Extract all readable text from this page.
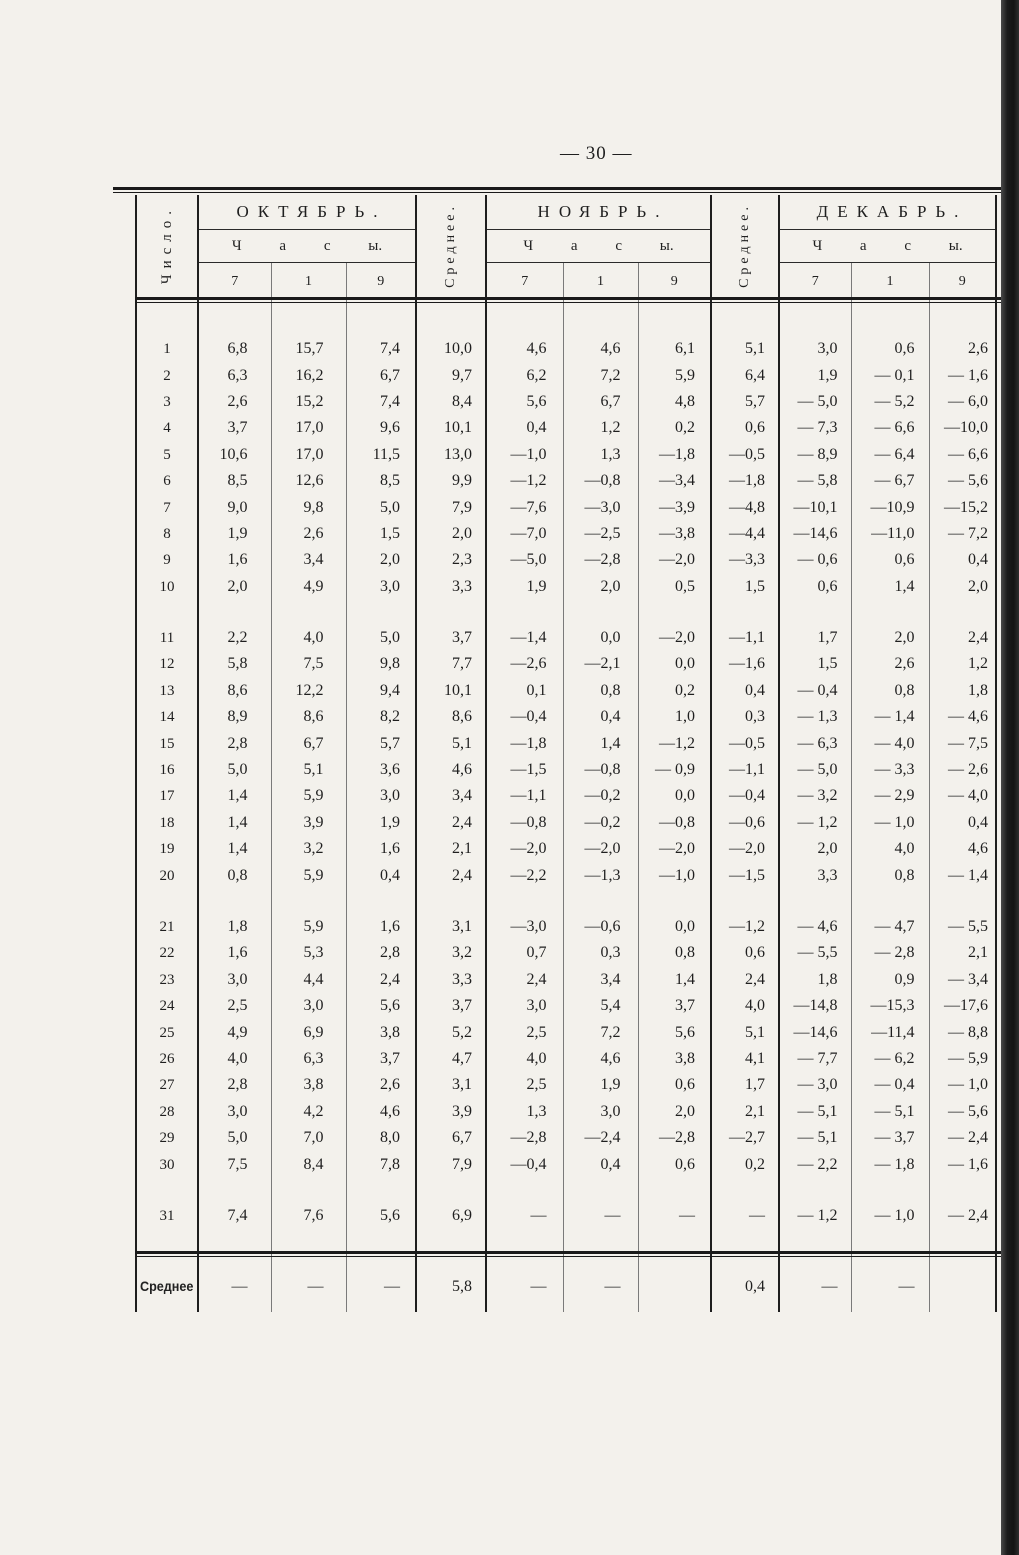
— 30 —
Число.	ОКТЯБРЬ.			Среднее.	НОЯБРЬ.			Среднее.	ДЕКАБРЬ.		
	Ч а с ы.				Ч а с ы.				Ч а с ы.		
	7	1	9		7	1	9		7	1	9

1	6,8	15,7	7,4	10,0	4,6	4,6	6,1	5,1	3,0	0,6	2,6
2	6,3	16,2	6,7	9,7	6,2	7,2	5,9	6,4	1,9	— 0,1	— 1,6
3	2,6	15,2	7,4	8,4	5,6	6,7	4,8	5,7	— 5,0	— 5,2	— 6,0
4	3,7	17,0	9,6	10,1	0,4	1,2	0,2	0,6	— 7,3	— 6,6	—10,0
5	10,6	17,0	11,5	13,0	—1,0	1,3	—1,8	—0,5	— 8,9	— 6,4	— 6,6
6	8,5	12,6	8,5	9,9	—1,2	—0,8	—3,4	—1,8	— 5,8	— 6,7	— 5,6
7	9,0	9,8	5,0	7,9	—7,6	—3,0	—3,9	—4,8	—10,1	—10,9	—15,2
8	1,9	2,6	1,5	2,0	—7,0	—2,5	—3,8	—4,4	—14,6	—11,0	— 7,2
9	1,6	3,4	2,0	2,3	—5,0	—2,8	—2,0	—3,3	— 0,6	0,6	0,4
10	2,0	4,9	3,0	3,3	1,9	2,0	0,5	1,5	0,6	1,4	2,0

11	2,2	4,0	5,0	3,7	—1,4	0,0	—2,0	—1,1	1,7	2,0	2,4
12	5,8	7,5	9,8	7,7	—2,6	—2,1	0,0	—1,6	1,5	2,6	1,2
13	8,6	12,2	9,4	10,1	0,1	0,8	0,2	0,4	— 0,4	0,8	1,8
14	8,9	8,6	8,2	8,6	—0,4	0,4	1,0	0,3	— 1,3	— 1,4	— 4,6
15	2,8	6,7	5,7	5,1	—1,8	1,4	—1,2	—0,5	— 6,3	— 4,0	— 7,5
16	5,0	5,1	3,6	4,6	—1,5	—0,8	— 0,9	—1,1	— 5,0	— 3,3	— 2,6
17	1,4	5,9	3,0	3,4	—1,1	—0,2	0,0	—0,4	— 3,2	— 2,9	— 4,0
18	1,4	3,9	1,9	2,4	—0,8	—0,2	—0,8	—0,6	— 1,2	— 1,0	0,4
19	1,4	3,2	1,6	2,1	—2,0	—2,0	—2,0	—2,0	2,0	4,0	4,6
20	0,8	5,9	0,4	2,4	—2,2	—1,3	—1,0	—1,5	3,3	0,8	— 1,4

21	1,8	5,9	1,6	3,1	—3,0	—0,6	0,0	—1,2	— 4,6	— 4,7	— 5,5
22	1,6	5,3	2,8	3,2	0,7	0,3	0,8	0,6	— 5,5	— 2,8	2,1
23	3,0	4,4	2,4	3,3	2,4	3,4	1,4	2,4	1,8	0,9	— 3,4
24	2,5	3,0	5,6	3,7	3,0	5,4	3,7	4,0	—14,8	—15,3	—17,6
25	4,9	6,9	3,8	5,2	2,5	7,2	5,6	5,1	—14,6	—11,4	— 8,8
26	4,0	6,3	3,7	4,7	4,0	4,6	3,8	4,1	— 7,7	— 6,2	— 5,9
27	2,8	3,8	2,6	3,1	2,5	1,9	0,6	1,7	— 3,0	— 0,4	— 1,0
28	3,0	4,2	4,6	3,9	1,3	3,0	2,0	2,1	— 5,1	— 5,1	— 5,6
29	5,0	7,0	8,0	6,7	—2,8	—2,4	—2,8	—2,7	— 5,1	— 3,7	— 2,4
30	7,5	8,4	7,8	7,9	—0,4	0,4	0,6	0,2	— 2,2	— 1,8	— 1,6

31	7,4	7,6	5,6	6,9	—	—	—	—	— 1,2	— 1,0	— 2,4

Среднее	—	—	—	5,8	—	—		0,4	—	—	
